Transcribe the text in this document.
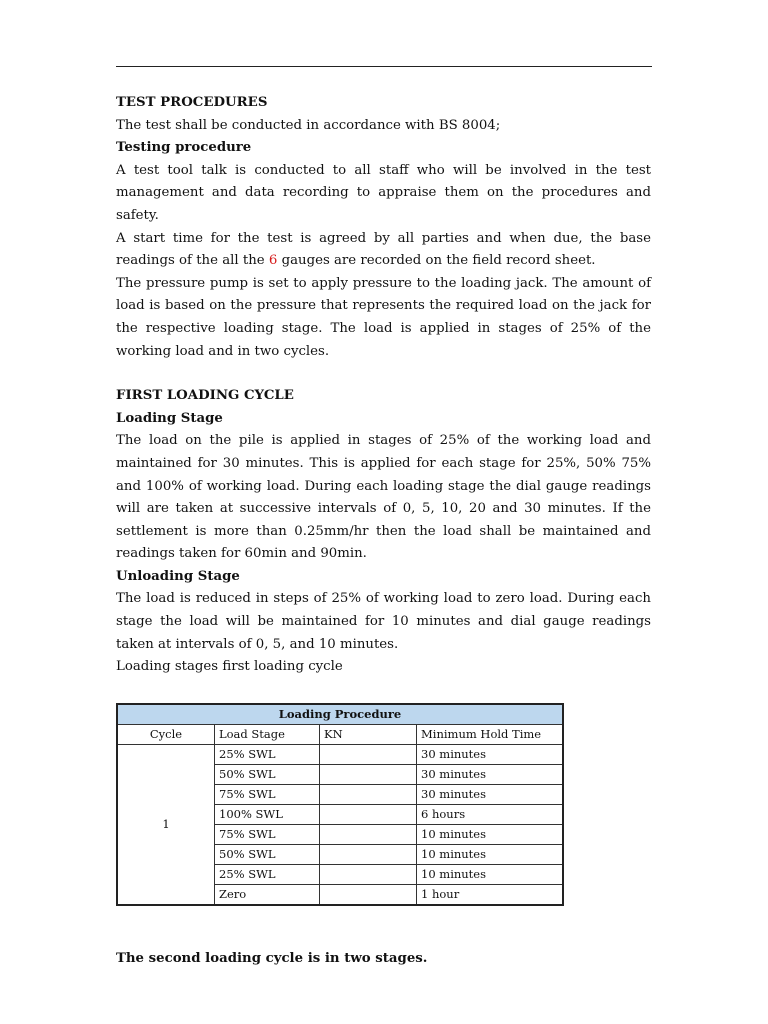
TEST PROCEDURES

The test shall be conducted in accordance with BS 8004;

Testing procedure

A test tool talk is conducted to all staff who will be involved in the test management and data recording to appraise them on the procedures and safety.

A start time for the test is agreed by all parties and when due, the base readings of the all the 6 gauges are recorded on the field record sheet.

The pressure pump is set to apply pressure to the loading jack. The amount of load is based on the pressure that represents the required load on the jack for the respective loading stage. The load is applied in stages of 25% of the working load and in two cycles.

FIRST LOADING CYCLE

Loading Stage

The load on the pile is applied in stages of 25% of the working load and maintained for 30 minutes. This is applied for each stage for 25%, 50% 75% and 100% of working load. During each loading stage the dial gauge readings will are taken at successive intervals of 0, 5, 10, 20 and 30 minutes. If the settlement is more than 0.25mm/hr then the load shall be maintained and readings taken for 60min and 90min.

Unloading Stage

The load is reduced in steps of 25% of working load to zero load. During each stage the load will be maintained for 10 minutes and dial gauge readings taken at intervals of 0, 5, and 10 minutes.

Loading stages first loading cycle

Loading Procedure			
Cycle	Load Stage	KN	Minimum Hold Time
1	25% SWL		30 minutes
	50% SWL		30 minutes
	75% SWL		30 minutes
	100% SWL		6 hours
	75% SWL		10 minutes
	50% SWL		10 minutes
	25% SWL		10 minutes
	Zero		1 hour

The second loading cycle is in two stages.
